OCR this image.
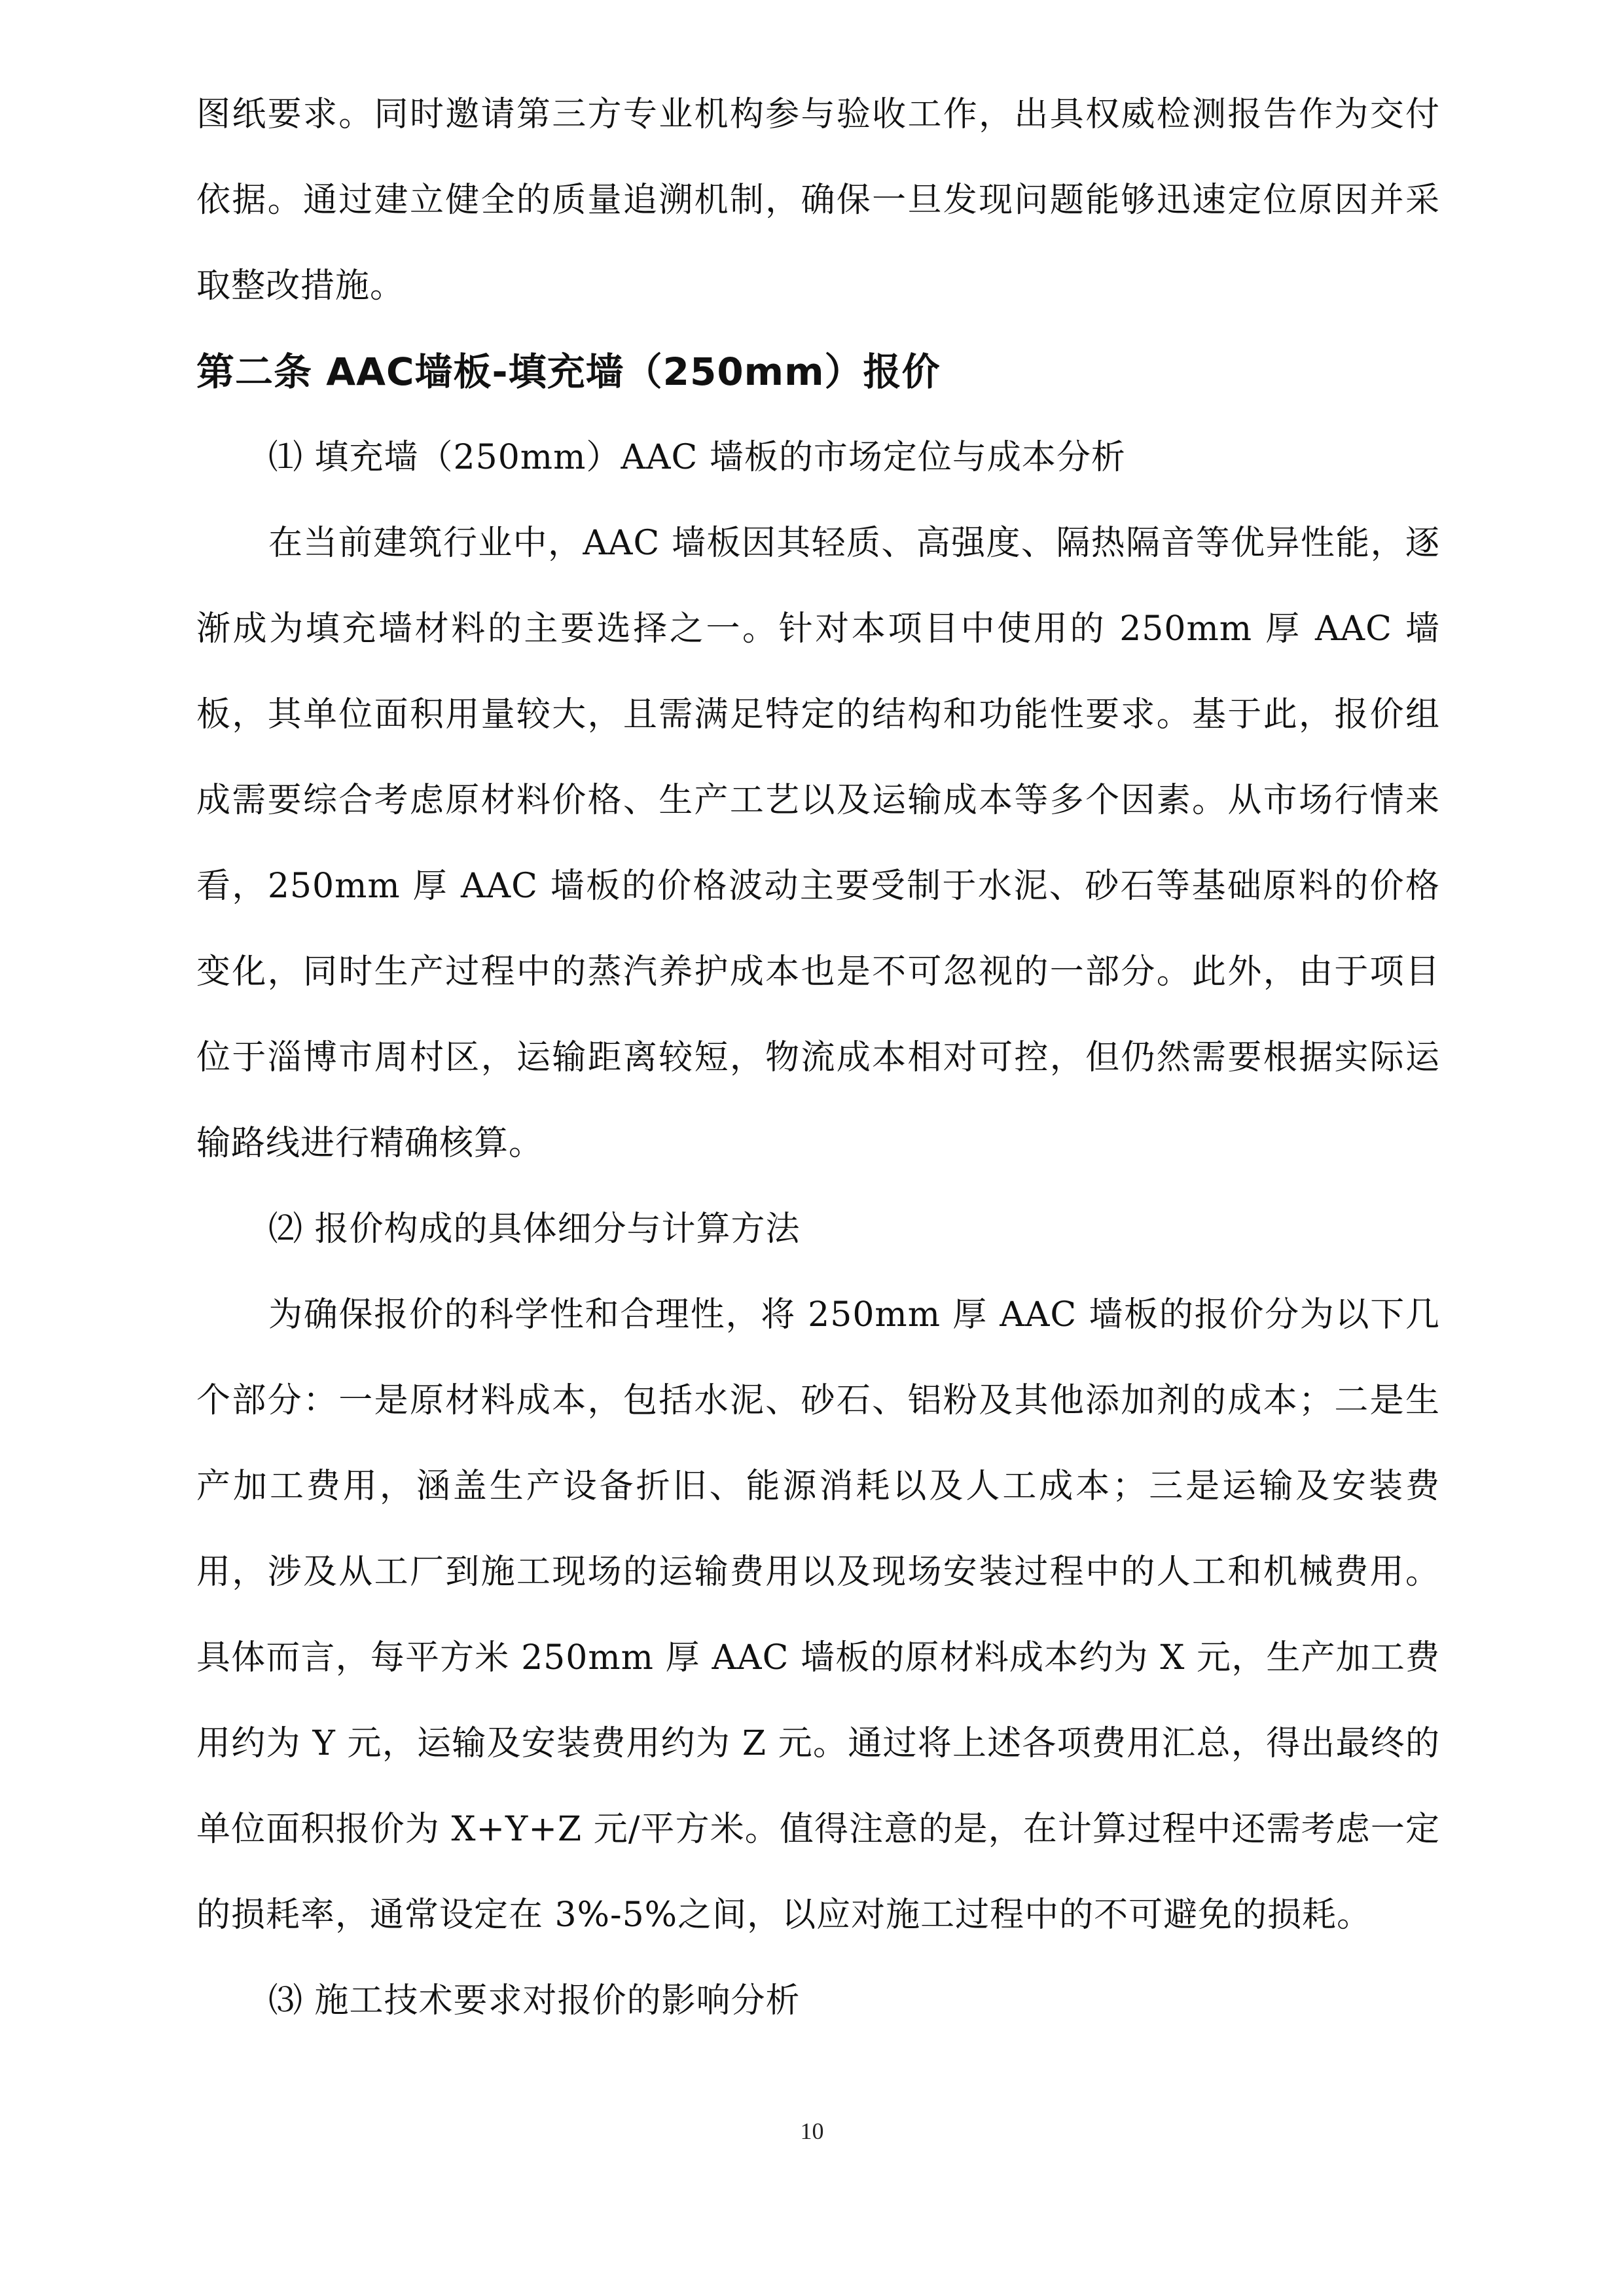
图纸要求。同时邀请第三方专业机构参与验收工作，出具权威检测报告作为交付依据。通过建立健全的质量追溯机制，确保一旦发现问题能够迅速定位原因并采取整改措施。

第二条 AAC墙板-填充墙（250mm）报价

⑴ 填充墙（250mm）AAC 墙板的市场定位与成本分析

在当前建筑行业中，AAC 墙板因其轻质、高强度、隔热隔音等优异性能，逐渐成为填充墙材料的主要选择之一。针对本项目中使用的 250mm 厚 AAC 墙板，其单位面积用量较大，且需满足特定的结构和功能性要求。基于此，报价组成需要综合考虑原材料价格、生产工艺以及运输成本等多个因素。从市场行情来看，250mm 厚 AAC 墙板的价格波动主要受制于水泥、砂石等基础原料的价格变化，同时生产过程中的蒸汽养护成本也是不可忽视的一部分。此外，由于项目位于淄博市周村区，运输距离较短，物流成本相对可控，但仍然需要根据实际运输路线进行精确核算。

⑵ 报价构成的具体细分与计算方法

为确保报价的科学性和合理性，将 250mm 厚 AAC 墙板的报价分为以下几个部分：一是原材料成本，包括水泥、砂石、铝粉及其他添加剂的成本；二是生产加工费用，涵盖生产设备折旧、能源消耗以及人工成本；三是运输及安装费用，涉及从工厂到施工现场的运输费用以及现场安装过程中的人工和机械费用。具体而言，每平方米 250mm 厚 AAC 墙板的原材料成本约为 X 元，生产加工费用约为 Y 元，运输及安装费用约为 Z 元。通过将上述各项费用汇总，得出最终的单位面积报价为 X+Y+Z 元/平方米。值得注意的是，在计算过程中还需考虑一定的损耗率，通常设定在 3%-5%之间，以应对施工过程中的不可避免的损耗。

⑶ 施工技术要求对报价的影响分析

10
